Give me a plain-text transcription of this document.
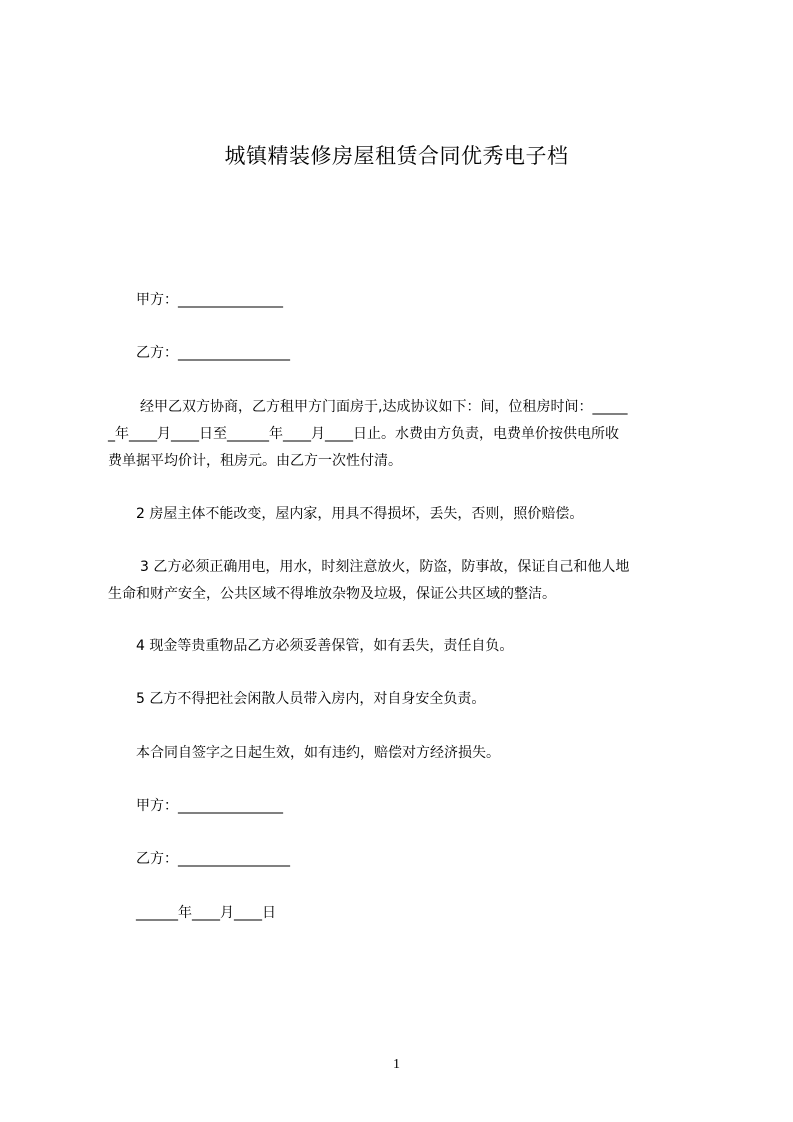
城镇精装修房屋租赁合同优秀电子档
甲方：_______________
乙方：________________
经甲乙双方协商，乙方租甲方门面房于,达成协议如下：间，位租房时间：_____
_年____月____日至______年____月____日止。水费由方负责，电费单价按供电所收
费单据平均价计，租房元。由乙方一次性付清。
2 房屋主体不能改变，屋内家，用具不得损坏，丢失，否则，照价赔偿。
3 乙方必须正确用电，用水，时刻注意放火，防盗，防事故，保证自己和他人地
生命和财产安全，公共区域不得堆放杂物及垃圾，保证公共区域的整洁。
4 现金等贵重物品乙方必须妥善保管，如有丢失，责任自负。
5 乙方不得把社会闲散人员带入房内，对自身安全负责。
本合同自签字之日起生效，如有违约，赔偿对方经济损失。
甲方：_______________
乙方：________________
______年____月____日
1
